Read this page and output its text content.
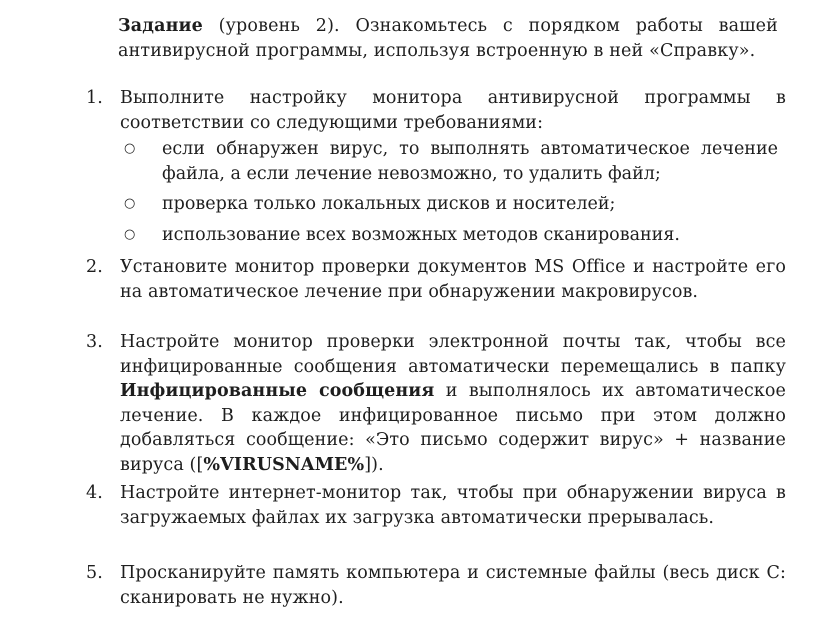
Задание (уровень 2). Ознакомьтесь с порядком работы вашей антивирусной программы, используя встроенную в ней «Справку».

1. Выполните настройку монитора антивирусной программы в соответствии со следующими требованиями:
○ если обнаружен вирус, то выполнять автоматическое лечение файла, а если лечение невозможно, то удалить файл;
○ проверка только локальных дисков и носителей;
○ использование всех возможных методов сканирования.
2. Установите монитор проверки документов MS Office и настройте его на автоматическое лечение при обнаружении макровирусов.
3. Настройте монитор проверки электронной почты так, чтобы все инфицированные сообщения автоматически перемещались в папку Инфицированные сообщения и выполнялось их автоматическое лечение. В каждое инфицированное письмо при этом должно добавляться сообщение: «Это письмо содержит вирус» + название вируса ([%VIRUSNAME%]).
4. Настройте интернет-монитор так, чтобы при обнаружении вируса в загружаемых файлах их загрузка автоматически прерывалась.
5. Просканируйте память компьютера и системные файлы (весь диск С: сканировать не нужно).
